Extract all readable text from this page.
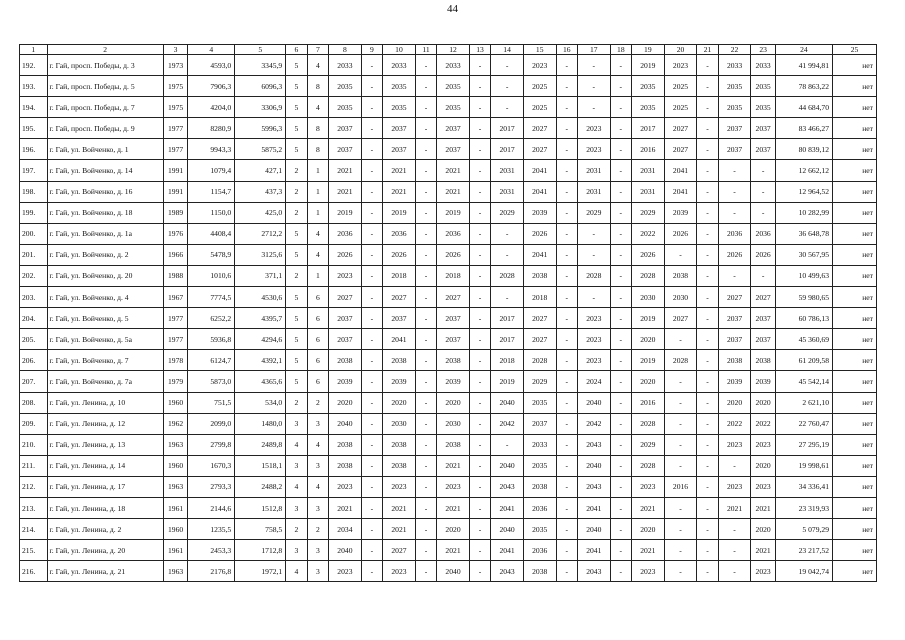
44
1	2	3	4	5	6	7	8	9	10	11	12	13	14	15	16	17	18	19	20	21	22	23	24	25
192.	г. Гай, просп. Победы, д. 3	1973	4593,0	3345,9	5	4	2033	-	2033	-	2033	-	-	2023	-	-	-	2019	2023	-	2033	2033	41 994,81	нет
193.	г. Гай, просп. Победы, д. 5	1975	7906,3	6096,3	5	8	2035	-	2035	-	2035	-	-	2025	-	-	-	2035	2025	-	2035	2035	78 863,22	нет
194.	г. Гай, просп. Победы, д. 7	1975	4204,0	3306,9	5	4	2035	-	2035	-	2035	-	-	2025	-	-	-	2035	2025	-	2035	2035	44 684,70	нет
195.	г. Гай, просп. Победы, д. 9	1977	8280,9	5996,3	5	8	2037	-	2037	-	2037	-	2017	2027	-	2023	-	2017	2027	-	2037	2037	83 466,27	нет
196.	г. Гай, ул. Войченко, д. 1	1977	9943,3	5875,2	5	8	2037	-	2037	-	2037	-	2017	2027	-	2023	-	2016	2027	-	2037	2037	80 839,12	нет
197.	г. Гай, ул. Войченко, д. 14	1991	1079,4	427,1	2	1	2021	-	2021	-	2021	-	2031	2041	-	2031	-	2031	2041	-	-	-	12 662,12	нет
198.	г. Гай, ул. Войченко, д. 16	1991	1154,7	437,3	2	1	2021	-	2021	-	2021	-	2031	2041	-	2031	-	2031	2041	-	-	-	12 964,52	нет
199.	г. Гай, ул. Войченко, д. 18	1989	1150,0	425,0	2	1	2019	-	2019	-	2019	-	2029	2039	-	2029	-	2029	2039	-	-	-	10 282,99	нет
200.	г. Гай, ул. Войченко, д. 1а	1976	4408,4	2712,2	5	4	2036	-	2036	-	2036	-	-	2026	-	-	-	2022	2026	-	2036	2036	36 648,78	нет
201.	г. Гай, ул. Войченко, д. 2	1966	5478,9	3125,6	5	4	2026	-	2026	-	2026	-	-	2041	-	-	-	2026	-	-	2026	2026	30 567,95	нет
202.	г. Гай, ул. Войченко, д. 20	1988	1010,6	371,1	2	1	2023	-	2018	-	2018	-	2028	2038	-	2028	-	2028	2038	-	-	-	10 499,63	нет
203.	г. Гай, ул. Войченко, д. 4	1967	7774,5	4530,6	5	6	2027	-	2027	-	2027	-	-	2018	-	-	-	2030	2030	-	2027	2027	59 980,65	нет
204.	г. Гай, ул. Войченко, д. 5	1977	6252,2	4395,7	5	6	2037	-	2037	-	2037	-	2017	2027	-	2023	-	2019	2027	-	2037	2037	60 786,13	нет
205.	г. Гай, ул. Войченко, д. 5а	1977	5936,8	4294,6	5	6	2037	-	2041	-	2037	-	2017	2027	-	2023	-	2020	-	-	2037	2037	45 360,69	нет
206.	г. Гай, ул. Войченко, д. 7	1978	6124,7	4392,1	5	6	2038	-	2038	-	2038	-	2018	2028	-	2023	-	2019	2028	-	2038	2038	61 209,58	нет
207.	г. Гай, ул. Войченко, д. 7а	1979	5873,0	4365,6	5	6	2039	-	2039	-	2039	-	2019	2029	-	2024	-	2020	-	-	2039	2039	45 542,14	нет
208.	г. Гай, ул. Ленина, д. 10	1960	751,5	534,0	2	2	2020	-	2020	-	2020	-	2040	2035	-	2040	-	2016	-	-	2020	2020	2 621,10	нет
209.	г. Гай, ул. Ленина, д. 12	1962	2099,0	1480,0	3	3	2040	-	2030	-	2030	-	2042	2037	-	2042	-	2028	-	-	2022	2022	22 760,47	нет
210.	г. Гай, ул. Ленина, д. 13	1963	2799,8	2489,8	4	4	2038	-	2038	-	2038	-	-	2033	-	2043	-	2029	-	-	2023	2023	27 295,19	нет
211.	г. Гай, ул. Ленина, д. 14	1960	1670,3	1518,1	3	3	2038	-	2038	-	2021	-	2040	2035	-	2040	-	2028	-	-	-	2020	19 998,61	нет
212.	г. Гай, ул. Ленина, д. 17	1963	2793,3	2488,2	4	4	2023	-	2023	-	2023	-	2043	2038	-	2043	-	2023	2016	-	2023	2023	34 336,41	нет
213.	г. Гай, ул. Ленина, д. 18	1961	2144,6	1512,8	3	3	2021	-	2021	-	2021	-	2041	2036	-	2041	-	2021	-	-	2021	2021	23 319,93	нет
214.	г. Гай, ул. Ленина, д. 2	1960	1235,5	758,5	2	2	2034	-	2021	-	2020	-	2040	2035	-	2040	-	2020	-	-	-	2020	5 079,29	нет
215.	г. Гай, ул. Ленина, д. 20	1961	2453,3	1712,8	3	3	2040	-	2027	-	2021	-	2041	2036	-	2041	-	2021	-	-	-	2021	23 217,52	нет
216.	г. Гай, ул. Ленина, д. 21	1963	2176,8	1972,1	4	3	2023	-	2023	-	2040	-	2043	2038	-	2043	-	2023	-	-	-	2023	19 042,74	нет
